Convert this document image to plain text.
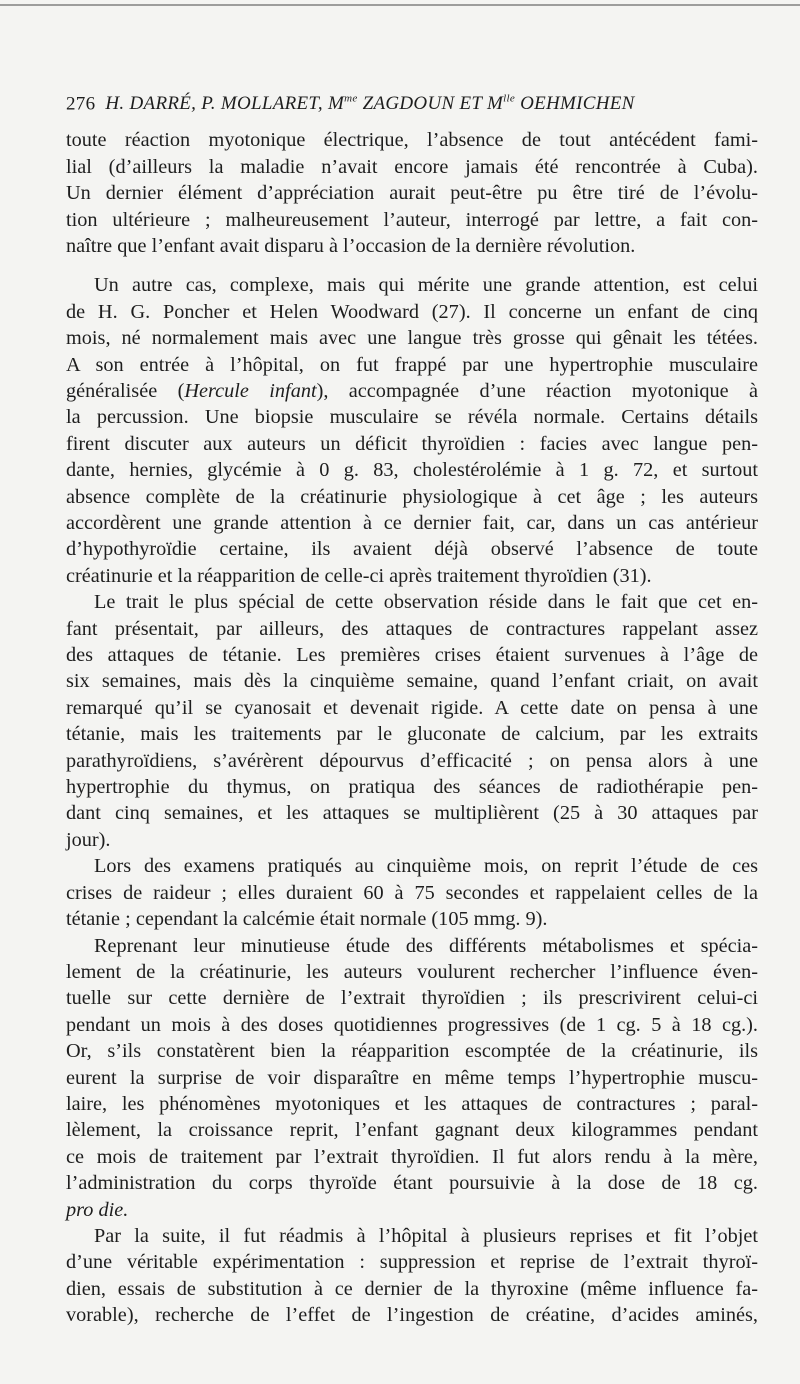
276 H. DARRÉ, P. MOLLARET, $M^{me}$ ZAGDOUN ET $M^{lle}$ OEHMICHEN

toute réaction myotonique électrique, l’absence de tout antécédent fami-
lial (d’ailleurs la maladie n’avait encore jamais été rencontrée à Cuba).
Un dernier élément d’appréciation aurait peut-être pu être tiré de l’évolu-
tion ultérieure ; malheureusement l’auteur, interrogé par lettre, a fait con-
naître que l’enfant avait disparu à l’occasion de la dernière révolution.

Un autre cas, complexe, mais qui mérite une grande attention, est celui
de H. G. Poncher et Helen Woodward (27). Il concerne un enfant de cinq
mois, né normalement mais avec une langue très grosse qui gênait les tétées.
A son entrée à l’hôpital, on fut frappé par une hypertrophie musculaire
généralisée (Hercule infant), accompagnée d’une réaction myotonique à
la percussion. Une biopsie musculaire se révéla normale. Certains détails
firent discuter aux auteurs un déficit thyroïdien : facies avec langue pen-
dante, hernies, glycémie à 0 g. 83, cholestérolémie à 1 g. 72, et surtout
absence complète de la créatinurie physiologique à cet âge ; les auteurs
accordèrent une grande attention à ce dernier fait, car, dans un cas antérieur
d’hypothyroïdie certaine, ils avaient déjà observé l’absence de toute
créatinurie et la réapparition de celle-ci après traitement thyroïdien (31).

Le trait le plus spécial de cette observation réside dans le fait que cet en-
fant présentait, par ailleurs, des attaques de contractures rappelant assez
des attaques de tétanie. Les premières crises étaient survenues à l’âge de
six semaines, mais dès la cinquième semaine, quand l’enfant criait, on avait
remarqué qu’il se cyanosait et devenait rigide. A cette date on pensa à une
tétanie, mais les traitements par le gluconate de calcium, par les extraits
parathyroïdiens, s’avérèrent dépourvus d’efficacité ; on pensa alors à une
hypertrophie du thymus, on pratiqua des séances de radiothérapie pen-
dant cinq semaines, et les attaques se multiplièrent (25 à 30 attaques par
jour).

Lors des examens pratiqués au cinquième mois, on reprit l’étude de ces
crises de raideur ; elles duraient 60 à 75 secondes et rappelaient celles de la
tétanie ; cependant la calcémie était normale (105 mmg. 9).

Reprenant leur minutieuse étude des différents métabolismes et spécia-
lement de la créatinurie, les auteurs voulurent rechercher l’influence éven-
tuelle sur cette dernière de l’extrait thyroïdien ; ils prescrivirent celui-ci
pendant un mois à des doses quotidiennes progressives (de 1 cg. 5 à 18 cg.).
Or, s’ils constatèrent bien la réapparition escomptée de la créatinurie, ils
eurent la surprise de voir disparaître en même temps l’hypertrophie muscu-
laire, les phénomènes myotoniques et les attaques de contractures ; paral-
lèlement, la croissance reprit, l’enfant gagnant deux kilogrammes pendant
ce mois de traitement par l’extrait thyroïdien. Il fut alors rendu à la mère,
l’administration du corps thyroïde étant poursuivie à la dose de 18 cg.
pro die.

Par la suite, il fut réadmis à l’hôpital à plusieurs reprises et fit l’objet
d’une véritable expérimentation : suppression et reprise de l’extrait thyroï-
dien, essais de substitution à ce dernier de la thyroxine (même influence fa-
vorable), recherche de l’effet de l’ingestion de créatine, d’acides aminés,
